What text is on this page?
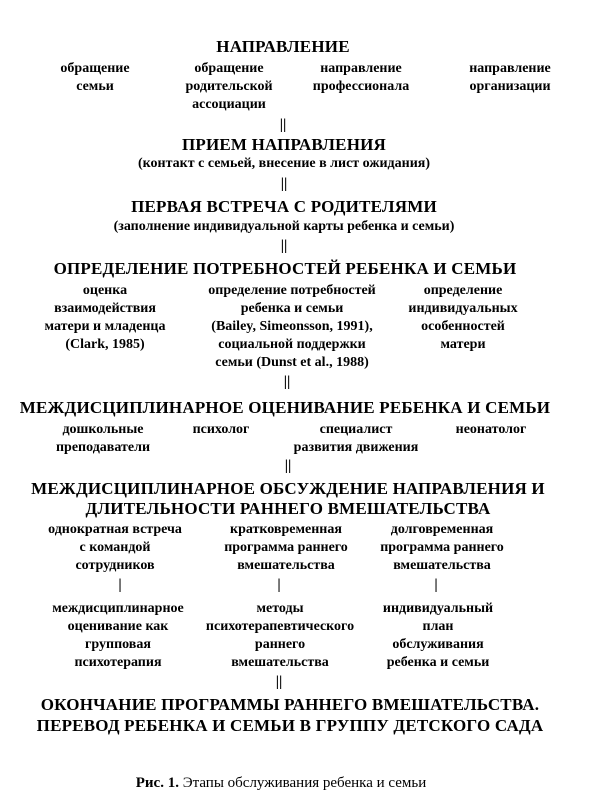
НАПРАВЛЕНИЕ
обращение
семьи
обращение
родительской
ассоциации
направление
профессионала
направление
организации
||
ПРИЕМ НАПРАВЛЕНИЯ
(контакт с семьей, внесение в лист ожидания)
||
ПЕРВАЯ ВСТРЕЧА С РОДИТЕЛЯМИ
(заполнение индивидуальной карты ребенка и семьи)
||
ОПРЕДЕЛЕНИЕ ПОТРЕБНОСТЕЙ РЕБЕНКА И СЕМЬИ
оценка
взаимодействия
матери и младенца
(Clark, 1985)
определение потребностей
ребенка и семьи
(Bailey, Simeonsson, 1991),
социальной поддержки
семьи (Dunst et al., 1988)
определение
индивидуальных
особенностей
матери
||
МЕЖДИСЦИПЛИНАРНОЕ ОЦЕНИВАНИЕ РЕБЕНКА И СЕМЬИ
дошкольные
преподаватели
психолог	специалист
развития движения
неонатолог
||
МЕЖДИСЦИПЛИНАРНОЕ ОБСУЖДЕНИЕ НАПРАВЛЕНИЯ И
ДЛИТЕЛЬНОСТИ РАННЕГО ВМЕШАТЕЛЬСТВА
однократная встреча
с командой
сотрудников
кратковременная
программа раннего
вмешательства
долговременная
программа раннего
вмешательства
|	|	|
междисциплинарное
оценивание как
групповая
психотерапия
методы
психотерапевтического
раннего
вмешательства
индивидуальный
план
обслуживания
ребенка и семьи
||
ОКОНЧАНИЕ ПРОГРАММЫ РАННЕГО ВМЕШАТЕЛЬСТВА.
ПЕРЕВОД РЕБЕНКА И СЕМЬИ В ГРУППУ ДЕТСКОГО САДА
Рис. 1. Этапы обслуживания ребенка и семьи
